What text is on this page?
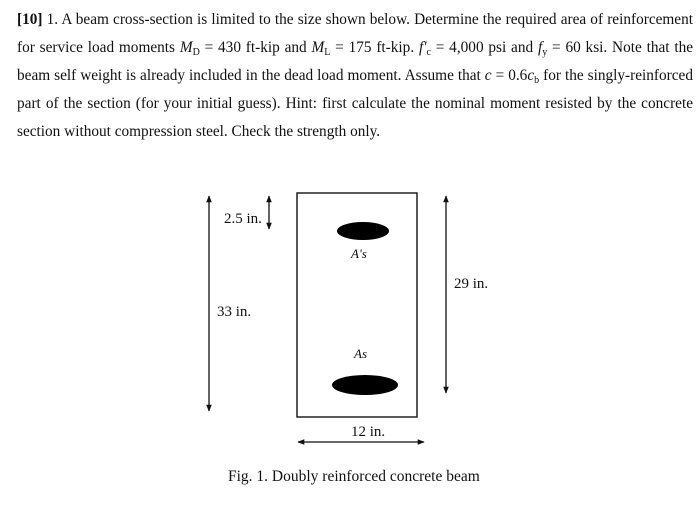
[10] 1. A beam cross-section is limited to the size shown below. Determine the required area of reinforcement for service load moments $M_D = 430$ ft-kip and $M_L = 175$ ft-kip. $f'_c = 4,000$ psi and $f_y = 60$ ksi. Note that the beam self weight is already included in the dead load moment. Assume that $c = 0.6c_b$ for the singly-reinforced part of the section (for your initial guess). Hint: first calculate the nominal moment resisted by the concrete section without compression steel. Check the strength only.
A's
As
33 in.
2.5 in.
29 in.
12 in.
Fig. 1. Doubly reinforced concrete beam
